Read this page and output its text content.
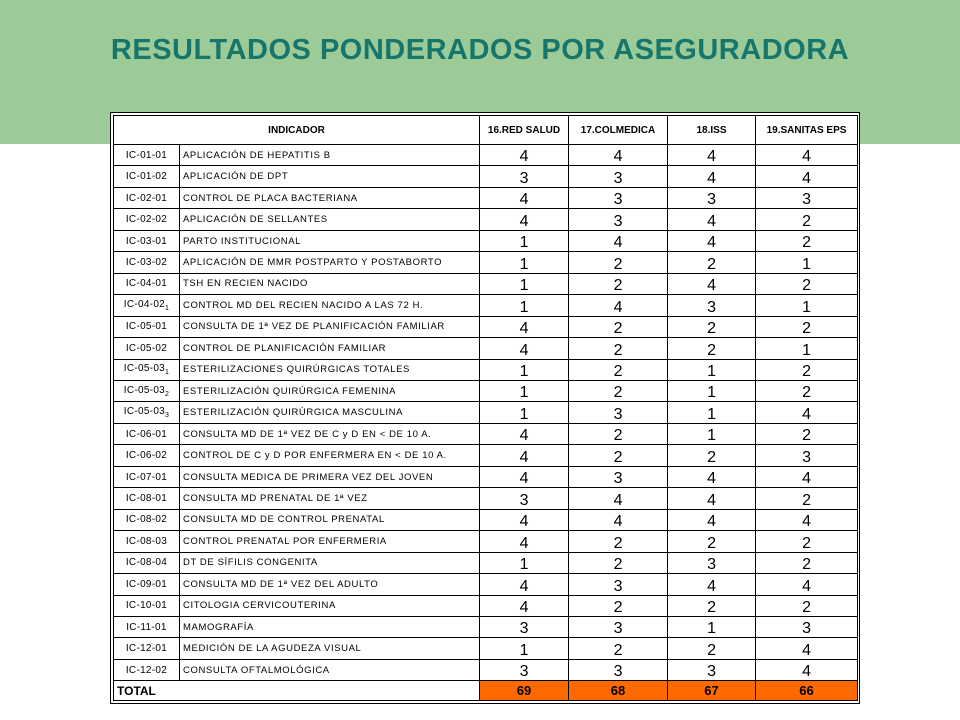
RESULTADOS PONDERADOS POR ASEGURADORA
INDICADOR		16.RED SALUD	17.COLMEDICA	18.ISS	19.SANITAS EPS
IC-01-01	APLICACIÓN DE HEPATITIS B	4	4	4	4
IC-01-02	APLICACIÓN DE DPT	3	3	4	4
IC-02-01	CONTROL DE PLACA BACTERIANA	4	3	3	3
IC-02-02	APLICACIÓN DE SELLANTES	4	3	4	2
IC-03-01	PARTO INSTITUCIONAL	1	4	4	2
IC-03-02	APLICACIÓN DE MMR POSTPARTO Y POSTABORTO	1	2	2	1
IC-04-01	TSH EN RECIEN NACIDO	1	2	4	2
$IC-04-02_1$	CONTROL MD DEL RECIEN NACIDO A LAS 72 H.	1	4	3	1
IC-05-01	CONSULTA DE 1ª VEZ DE PLANIFICACIÓN FAMILIAR	4	2	2	2
IC-05-02	CONTROL DE PLANIFICACIÓN FAMILIAR	4	2	2	1
$IC-05-03_1$	ESTERILIZACIONES QUIRÚRGICAS TOTALES	1	2	1	2
$IC-05-03_2$	ESTERILIZACIÓN QUIRÚRGICA FEMENINA	1	2	1	2
$IC-05-03_3$	ESTERILIZACIÓN QUIRÚRGICA MASCULINA	1	3	1	4
IC-06-01	CONSULTA MD DE 1ª VEZ DE C y D EN < DE 10 A.	4	2	1	2
IC-06-02	CONTROL DE C y D POR ENFERMERA EN < DE 10 A.	4	2	2	3
IC-07-01	CONSULTA MEDICA DE PRIMERA VEZ DEL JOVEN	4	3	4	4
IC-08-01	CONSULTA MD PRENATAL DE 1ª VEZ	3	4	4	2
IC-08-02	CONSULTA MD DE CONTROL PRENATAL	4	4	4	4
IC-08-03	CONTROL PRENATAL POR ENFERMERIA	4	2	2	2
IC-08-04	DT DE SÍFILIS CONGENITA	1	2	3	2
IC-09-01	CONSULTA MD DE 1ª VEZ DEL ADULTO	4	3	4	4
IC-10-01	CITOLOGIA CERVICOUTERINA	4	2	2	2
IC-11-01	MAMOGRAFÍA	3	3	1	3
IC-12-01	MEDICIÓN DE LA AGUDEZA VISUAL	1	2	2	4
IC-12-02	CONSULTA OFTALMOLÓGICA	3	3	3	4
TOTAL		69	68	67	66
